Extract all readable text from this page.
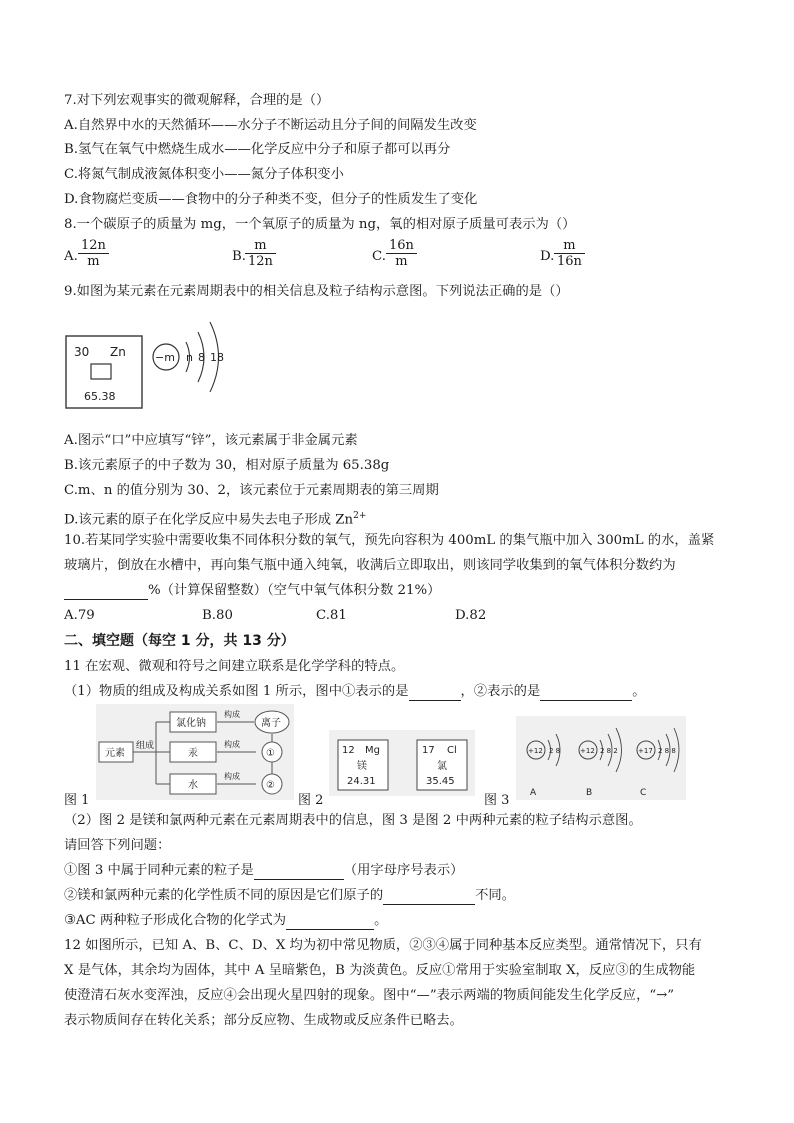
7.对下列宏观事实的微观解释，合理的是（）
A.自然界中水的天然循环——水分子不断运动且分子间的间隔发生改变
B.氢气在氧气中燃烧生成水——化学反应中分子和原子都可以再分
C.将氮气制成液氮体积变小——氮分子体积变小
D.食物腐烂变质——食物中的分子种类不变，但分子的性质发生了变化
8.一个碳原子的质量为 mg，一个氧原子的质量为 ng，氧的相对原子质量可表示为（）
A. $\frac{12n}{m}$	B. $\frac{m}{12n}$	C. $\frac{16n}{m}$	D. $\frac{m}{16n}$
9.如图为某元素在元素周期表中的相关信息及粒子结构示意图。下列说法正确的是（）
30 Zn
65.38
−m n 8 18
A.图示“口”中应填写“锌”，该元素属于非金属元素
B.该元素原子的中子数为 30，相对原子质量为 65.38g
C.m、n 的值分别为 30、2，该元素位于元素周期表的第三周期
D.该元素的原子在化学反应中易失去电子形成 $Zn^{2+}$
10.若某同学实验中需要收集不同体积分数的氧气，预先向容积为 400mL 的集气瓶中加入 300mL 的水，盖紧
玻璃片，倒放在水槽中，再向集气瓶中通入纯氧，收满后立即取出，则该同学收集到的氧气体积分数约为
%（计算保留整数）（空气中氧气体积分数 21%）
A.79	B.80	C.81	D.82
二、填空题（每空 1 分，共 13 分）
11 在宏观、微观和符号之间建立联系是化学学科的特点。
（1）物质的组成及构成关系如图 1 所示，图中①表示的是	，②表示的是	。
元素
组成
氯化钠
汞
水
构成
构成
构成
离子
①
②
图 1
12 Mg
镁
24.31
17 Cl
氯
35.45
图 2
+12 2 8
A
+12 2 8 2
B
+17 2 8 8
C
图 3
（2）图 2 是镁和氯两种元素在元素周期表中的信息，图 3 是图 2 中两种元素的粒子结构示意图。
请回答下列问题：
①图 3 中属于同种元素的粒子是	（用字母序号表示）
②镁和氯两种元素的化学性质不同的原因是它们原子的	不同。
③AC 两种粒子形成化合物的化学式为	。
12 如图所示，已知 A、B、C、D、X 均为初中常见物质，②③④属于同种基本反应类型。通常情况下，只有
X 是气体，其余均为固体，其中 A 呈暗紫色，B 为淡黄色。反应①常用于实验室制取 X，反应③的生成物能
使澄清石灰水变浑浊，反应④会出现火星四射的现象。图中“—”表示两端的物质间能发生化学反应，“→”
表示物质间存在转化关系；部分反应物、生成物或反应条件已略去。
